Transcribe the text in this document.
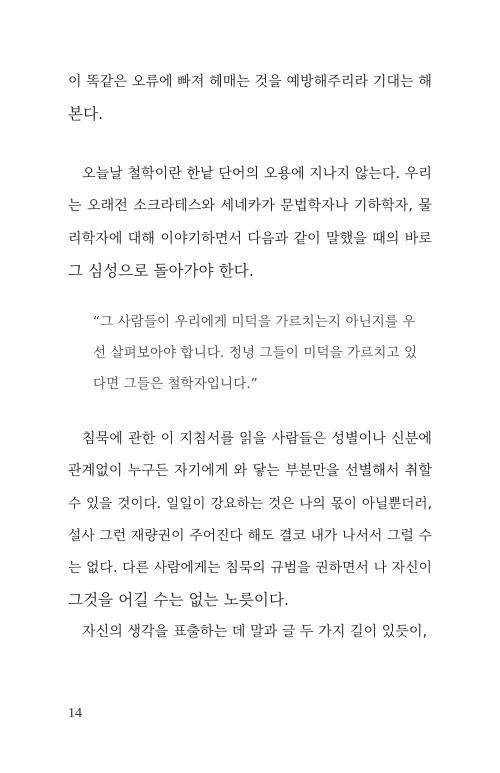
이 똑같은 오류에 빠져 헤매는 것을 예방해주리라 기대는 해
본다.
오늘날 철학이란 한낱 단어의 오용에 지나지 않는다. 우리
는 오래전 소크라테스와 세네카가 문법학자나 기하학자, 물
리학자에 대해 이야기하면서 다음과 같이 말했을 때의 바로
그 심성으로 돌아가야 한다.
“그 사람들이 우리에게 미덕을 가르치는지 아닌지를 우
선 살펴보아야 합니다. 정녕 그들이 미덕을 가르치고 있
다면 그들은 철학자입니다.”
침묵에 관한 이 지침서를 읽을 사람들은 성별이나 신분에
관계없이 누구든 자기에게 와 닿는 부분만을 선별해서 취할
수 있을 것이다. 일일이 강요하는 것은 나의 몫이 아닐뿐더러,
설사 그런 재량권이 주어진다 해도 결코 내가 나서서 그럴 수
는 없다. 다른 사람에게는 침묵의 규범을 권하면서 나 자신이
그것을 어길 수는 없는 노릇이다.
자신의 생각을 표출하는 데 말과 글 두 가지 길이 있듯이,
14
